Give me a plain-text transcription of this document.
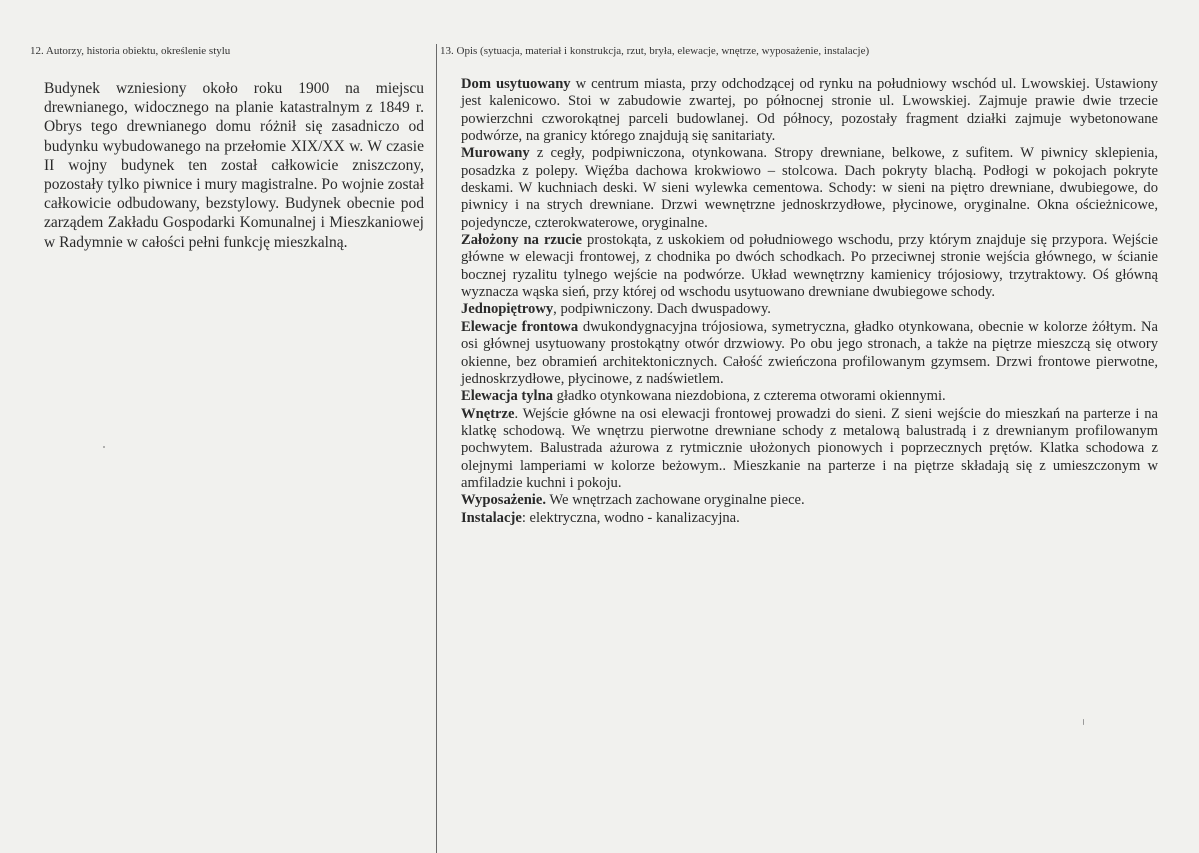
12. Autorzy, historia obiektu, określenie stylu

Budynek wzniesiony około roku 1900 na miejscu drewnianego, widocznego na planie katastralnym z 1849 r. Obrys tego drewnianego domu różnił się zasadniczo od budynku wybudowanego na przełomie XIX/XX w. W czasie II wojny budynek ten został całkowicie zniszczony, pozostały tylko piwnice i mury magistralne. Po wojnie został całkowicie odbudowany, bezstylowy. Budynek obecnie pod zarządem Zakładu Gospodarki Komunalnej i Mieszkaniowej w Radymnie w całości pełni funkcję mieszkalną.

13. Opis (sytuacja, materiał i konstrukcja, rzut, bryła, elewacje, wnętrze, wyposażenie, instalacje)

Dom usytuowany w centrum miasta, przy odchodzącej od rynku na południowy wschód ul. Lwowskiej. Ustawiony jest kalenicowo. Stoi w zabudowie zwartej, po północnej stronie ul. Lwowskiej. Zajmuje prawie dwie trzecie powierzchni czworokątnej parceli budowlanej. Od północy, pozostały fragment działki zajmuje wybetonowane podwórze, na granicy którego znajdują się sanitariaty.

Murowany z cegły, podpiwniczona, otynkowana. Stropy drewniane, belkowe, z sufitem. W piwnicy sklepienia, posadzka z polepy. Więźba dachowa krokwiowo – stolcowa. Dach pokryty blachą. Podłogi w pokojach pokryte deskami. W kuchniach deski. W sieni wylewka cementowa. Schody: w sieni na piętro drewniane, dwubiegowe, do piwnicy i na strych drewniane. Drzwi wewnętrzne jednoskrzydłowe, płycinowe, oryginalne. Okna ościeżnicowe, pojedyncze, czterokwaterowe, oryginalne.

Założony na rzucie prostokąta, z uskokiem od południowego wschodu, przy którym znajduje się przypora. Wejście główne w elewacji frontowej, z chodnika po dwóch schodkach. Po przeciwnej stronie wejścia głównego, w ścianie bocznej ryzalitu tylnego wejście na podwórze. Układ wewnętrzny kamienicy trójosiowy, trzytraktowy. Oś główną wyznacza wąska sień, przy której od wschodu usytuowano drewniane dwubiegowe schody.

Jednopiętrowy, podpiwniczony. Dach dwuspadowy.

Elewacje frontowa dwukondygnacyjna trójosiowa, symetryczna, gładko otynkowana, obecnie w kolorze żółtym. Na osi głównej usytuowany prostokątny otwór drzwiowy. Po obu jego stronach, a także na piętrze mieszczą się otwory okienne, bez obramień architektonicznych. Całość zwieńczona profilowanym gzymsem. Drzwi frontowe pierwotne, jednoskrzydłowe, płycinowe, z nadświetlem.

Elewacja tylna gładko otynkowana niezdobiona, z czterema otworami okiennymi.

Wnętrze. Wejście główne na osi elewacji frontowej prowadzi do sieni. Z sieni wejście do mieszkań na parterze i na klatkę schodową. We wnętrzu pierwotne drewniane schody z metalową balustradą i z drewnianym profilowanym pochwytem. Balustrada ażurowa z rytmicznie ułożonych pionowych i poprzecznych prętów. Klatka schodowa z olejnymi lamperiami w kolorze beżowym.. Mieszkanie na parterze i na piętrze składają się z umieszczonym w amfiladzie kuchni i pokoju.

Wyposażenie. We wnętrzach zachowane oryginalne piece.

Instalacje: elektryczna, wodno - kanalizacyjna.
